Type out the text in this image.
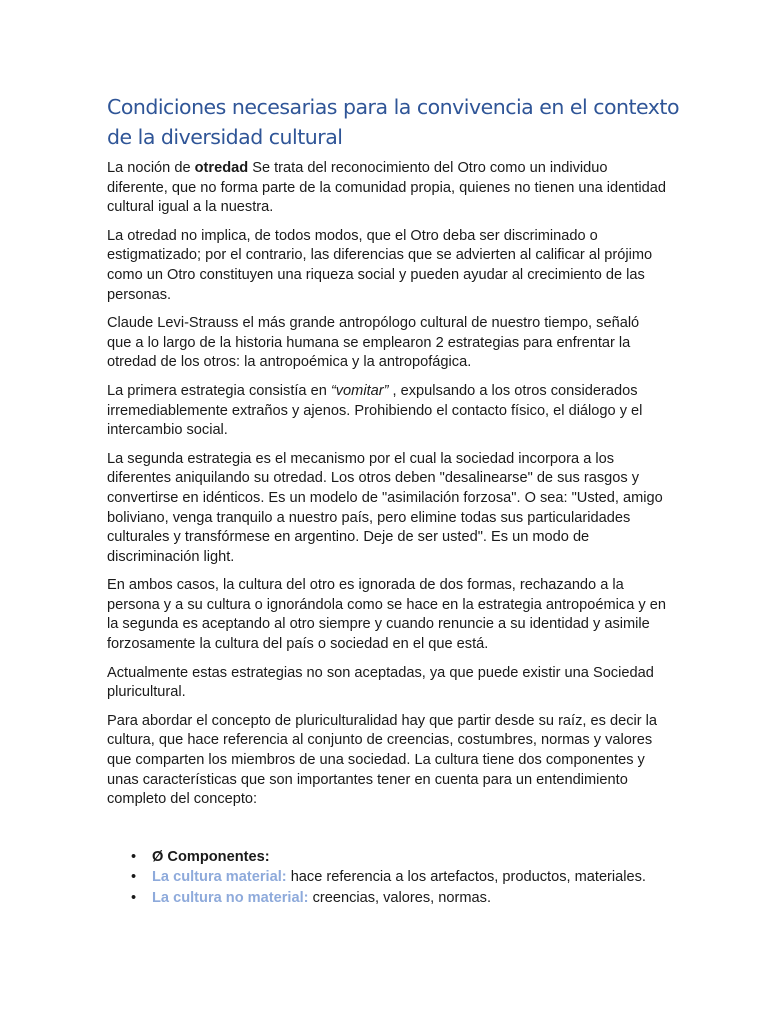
Condiciones necesarias para la convivencia en el contexto de la diversidad cultural

La noción de otredad Se trata del reconocimiento del Otro como un individuo diferente, que no forma parte de la comunidad propia, quienes no tienen una identidad cultural igual a la nuestra.

La otredad no implica, de todos modos, que el Otro deba ser discriminado o estigmatizado; por el contrario, las diferencias que se advierten al calificar al prójimo como un Otro constituyen una riqueza social y pueden ayudar al crecimiento de las personas.

Claude Levi-Strauss el más grande antropólogo cultural de nuestro tiempo, señaló que a lo largo de la historia humana se emplearon 2 estrategias para enfrentar la otredad de los otros: la antropoémica y la antropofágica.

La primera estrategia consistía en “vomitar” , expulsando a los otros considerados irremediablemente extraños y ajenos. Prohibiendo el contacto físico, el diálogo y el intercambio social.

La segunda estrategia es el mecanismo por el cual la sociedad incorpora a los diferentes aniquilando su otredad. Los otros deben "desalinearse" de sus rasgos y convertirse en idénticos. Es un modelo de "asimilación forzosa". O sea: "Usted, amigo boliviano, venga tranquilo a nuestro país, pero elimine todas sus particularidades culturales y transfórmese en argentino. Deje de ser usted". Es un modo de discriminación light.

En ambos casos, la cultura del otro es ignorada de dos formas, rechazando a la persona y a su cultura o ignorándola como se hace en la estrategia antropoémica y en la segunda es aceptando al otro siempre y cuando renuncie a su identidad y asimile forzosamente la cultura del país o sociedad en el que está.

Actualmente estas estrategias no son aceptadas, ya que puede existir una Sociedad pluricultural.

Para abordar el concepto de pluriculturalidad hay que partir desde su raíz, es decir la cultura, que hace referencia al conjunto de creencias, costumbres, normas y valores que comparten los miembros de una sociedad. La cultura tiene dos componentes y unas características que son importantes tener en cuenta para un entendimiento completo del concepto:

• Ø Componentes:
• La cultura material: hace referencia a los artefactos, productos, materiales.
• La cultura no material: creencias, valores, normas.
